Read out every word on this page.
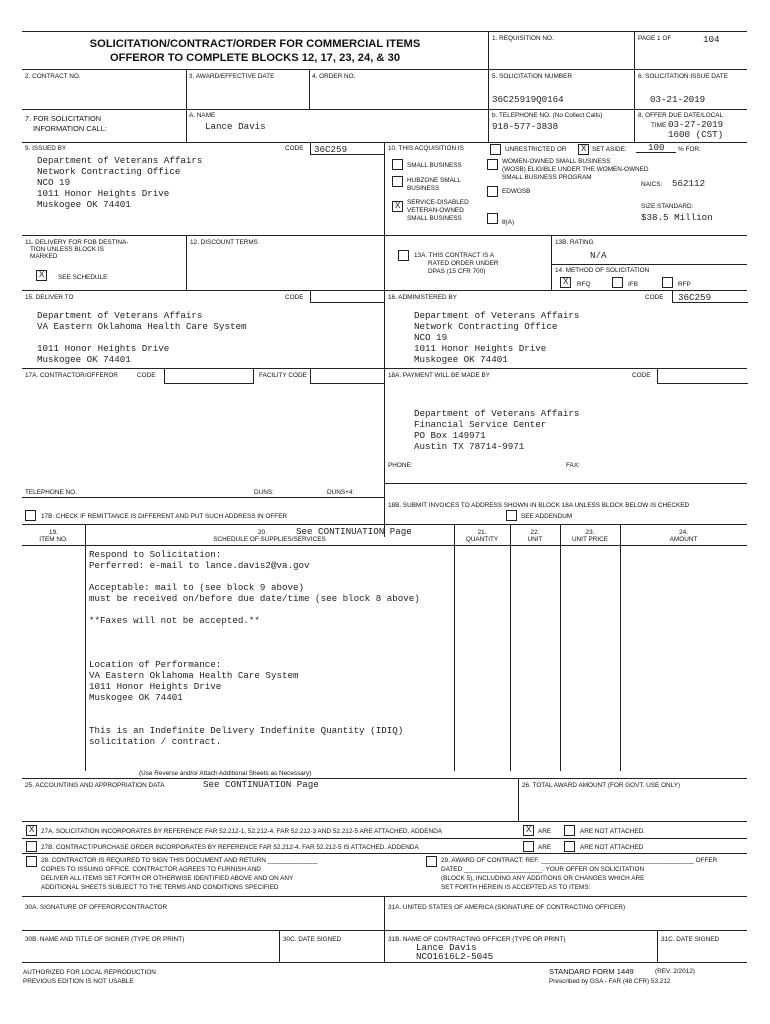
SOLICITATION/CONTRACT/ORDER FOR COMMERCIAL ITEMS
OFFEROR TO COMPLETE BLOCKS 12, 17, 23, 24, & 30
1. REQUISITION NO.	PAGE 1 OF	104
2. CONTRACT NO.	3. AWARD/EFFECTIVE DATE	4. ORDER NO.	5. SOLICITATION NUMBER
36C25919Q0164
6. SOLICITATION ISSUE DATE
03-21-2019
7. FOR SOLICITATION
INFORMATION CALL:
A. NAME
Lance Davis
b. TELEPHONE NO. (No Collect Calls)
918-577-3838
8. OFFER DUE DATE/LOCAL
TIME 03-27-2019
1600 (CST)
9. ISSUED BY	CODE 36C259
Department of Veterans Affairs
Network Contracting Office
NCO 19
1011 Honor Heights Drive
Muskogee OK 74401
10. THIS ACQUISITION IS	UNRESTRICTED OR X SET ASIDE: 100 % FOR:
SMALL BUSINESS
HUBZONE SMALL
BUSINESS
X SERVICE-DISABLED
VETERAN-OWNED
SMALL BUSINESS
WOMEN-OWNED SMALL BUSINESS
(WOSB) ELIGIBLE UNDER THE WOMEN-OWNED
SMALL BUSINESS PROGRAM
EDWOSB
8(A)
NAICS: 562112
SIZE STANDARD:
$38.5 Million
11. DELIVERY FOR FOB DESTINA-
TION UNLESS BLOCK IS
MARKED
X SEE SCHEDULE
12. DISCOUNT TERMS
13A. THIS CONTRACT IS A
RATED ORDER UNDER
DPAS (15 CFR 700)
13B. RATING
N/A
14. METHOD OF SOLICITATION
X RFQ	IFB	RFP
15. DELIVER TO	CODE
Department of Veterans Affairs
VA Eastern Oklahoma Health Care System

1011 Honor Heights Drive
Muskogee OK 74401
16. ADMINISTERED BY	CODE 36C259
Department of Veterans Affairs
Network Contracting Office
NCO 19
1011 Honor Heights Drive
Muskogee OK 74401
17A. CONTRACTOR/OFFEROR	CODE	FACILITY CODE	18A. PAYMENT WILL BE MADE BY	CODE
Department of Veterans Affairs
Financial Service Center
PO Box 149971
Austin TX 78714-9971
PHONE:	FAX:
TELEPHONE NO.	DUNS:	DUNS+4:
18B. SUBMIT INVOICES TO ADDRESS SHOWN IN BLOCK 18A UNLESS BLOCK BELOW IS CHECKED
SEE ADDENDUM
17B. CHECK IF REMITTANCE IS DIFFERENT AND PUT SUCH ADDRESS IN OFFER
19.
ITEM NO.
20.	See CONTINUATION Page
SCHEDULE OF SUPPLIES/SERVICES
21.
QUANTITY
22.
UNIT
23.
UNIT PRICE
24.
AMOUNT
Respond to Solicitation:
Perferred: e-mail to lance.davis2@va.gov

Acceptable: mail to (see block 9 above)
must be received on/before due date/time (see block 8 above)

**Faxes will not be accepted.**

Location of Performance:
VA Eastern Oklahoma Health Care System
1011 Honor Heights Drive
Muskogee OK 74401

This is an Indefinite Delivery Indefinite Quantity (IDIQ)
solicitation / contract.
(Use Reverse and/or Attach Additional Sheets as Necessary)
25. ACCOUNTING AND APPROPRIATION DATA	See CONTINUATION Page	26. TOTAL AWARD AMOUNT (FOR GOVT. USE ONLY)
X 27A. SOLICITATION INCORPORATES BY REFERENCE FAR 52.212-1, 52.212-4. FAR 52.212-3 AND 52.212-5 ARE ATTACHED. ADDENDA	X ARE	ARE NOT ATTACHED.
27B. CONTRACT/PURCHASE ORDER INCORPORATES BY REFERENCE FAR 52.212-4. FAR 52.212-5 IS ATTACHED. ADDENDA	ARE	ARE NOT ATTACHED
28. CONTRACTOR IS REQUIRED TO SIGN THIS DOCUMENT AND RETURN ______________
COPIES TO ISSUING OFFICE. CONTRACTOR AGREES TO FURNISH AND
DELIVER ALL ITEMS SET FORTH OR OTHERWISE IDENTIFIED ABOVE AND ON ANY
ADDITIONAL SHEETS SUBJECT TO THE TERMS AND CONDITIONS SPECIFIED
29. AWARD OF CONTRACT: REF. ___________________________________________ OFFER
DATED ______________________. YOUR OFFER ON SOLICITATION
(BLOCK 5), INCLUDING ANY ADDITIONS OR CHANGES WHICH ARE
SET FORTH HEREIN IS ACCEPTED AS TO ITEMS:
30A. SIGNATURE OF OFFEROR/CONTRACTOR	31A. UNITED STATES OF AMERICA (SIGNATURE OF CONTRACTING OFFICER)
30B. NAME AND TITLE OF SIGNER (TYPE OR PRINT)	30C. DATE SIGNED	31B. NAME OF CONTRACTING OFFICER (TYPE OR PRINT)
Lance Davis
NCO1616L2-5045
31C. DATE SIGNED
AUTHORIZED FOR LOCAL REPRODUCTION
PREVIOUS EDITION IS NOT USABLE
STANDARD FORM 1449	(REV. 2/2012)
Prescribed by GSA - FAR (48 CFR) 53.212
